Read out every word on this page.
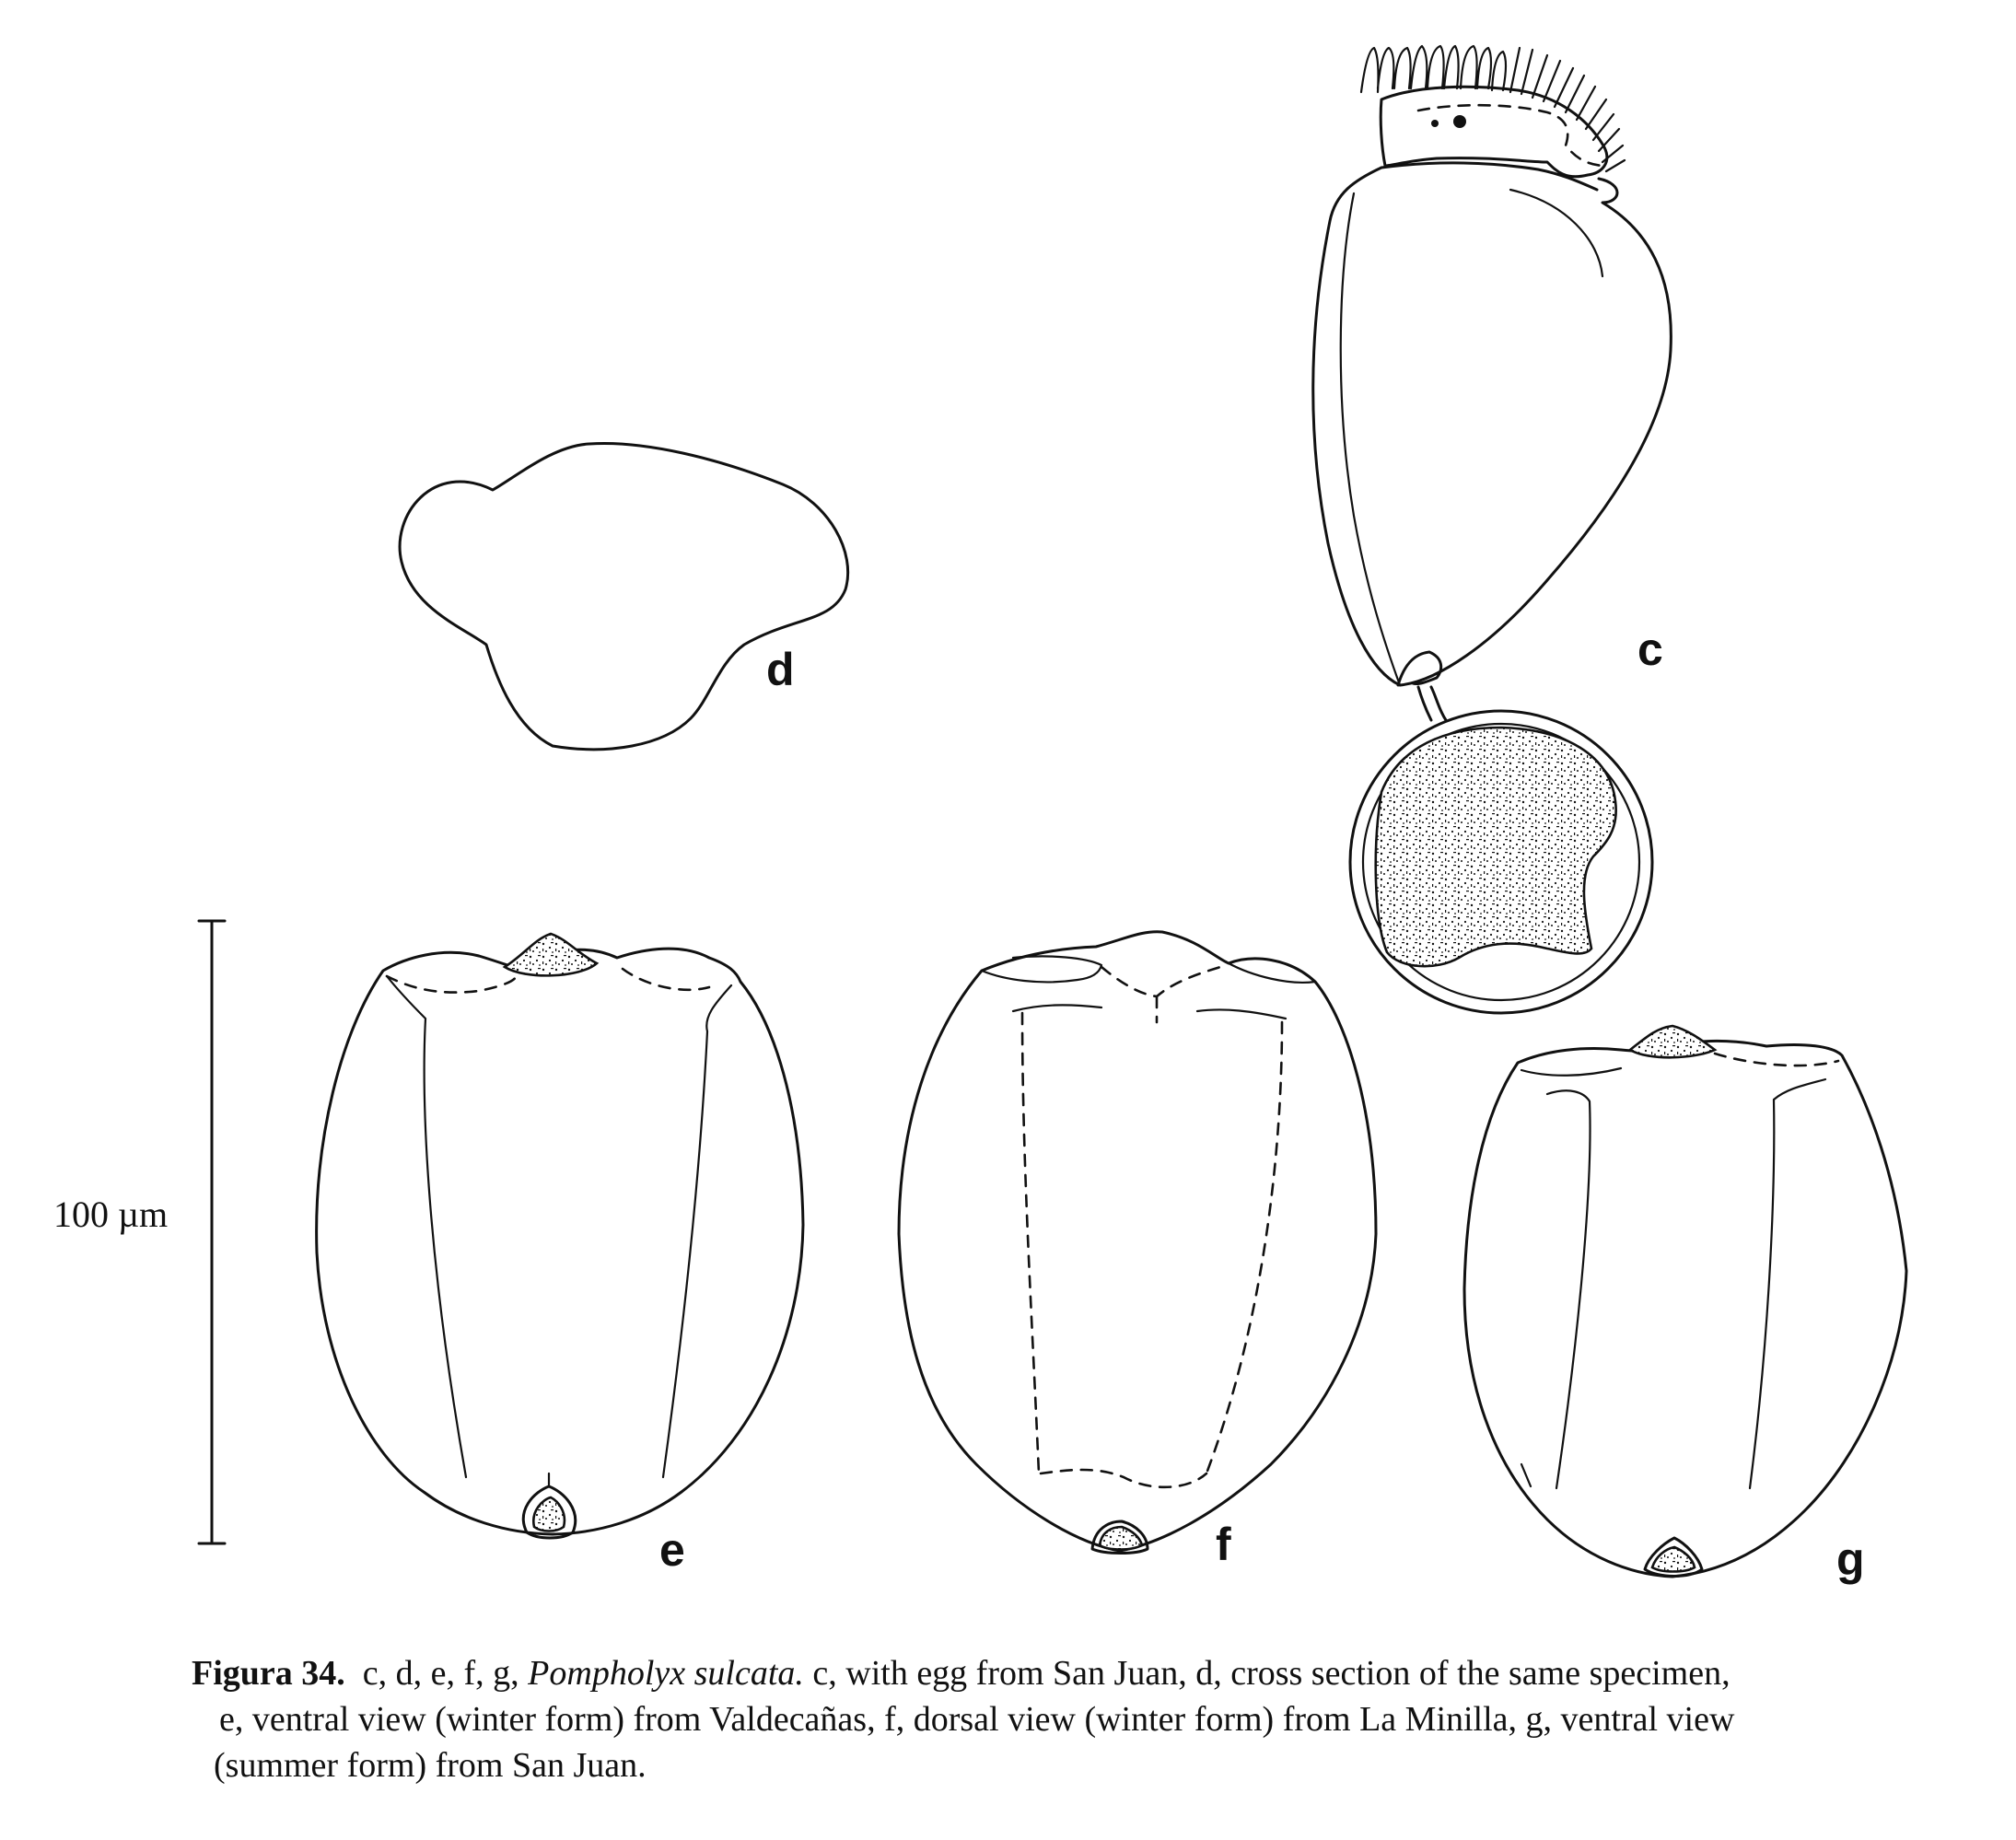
c
d
100 µm
e	f	g
Figura 34. c, d, e, f, g, Pompholyx sulcata. c, with egg from San Juan, d, cross section of the same specimen,
e, ventral view (winter form) from Valdecañas, f, dorsal view (winter form) from La Minilla, g, ventral view
(summer form) from San Juan.
